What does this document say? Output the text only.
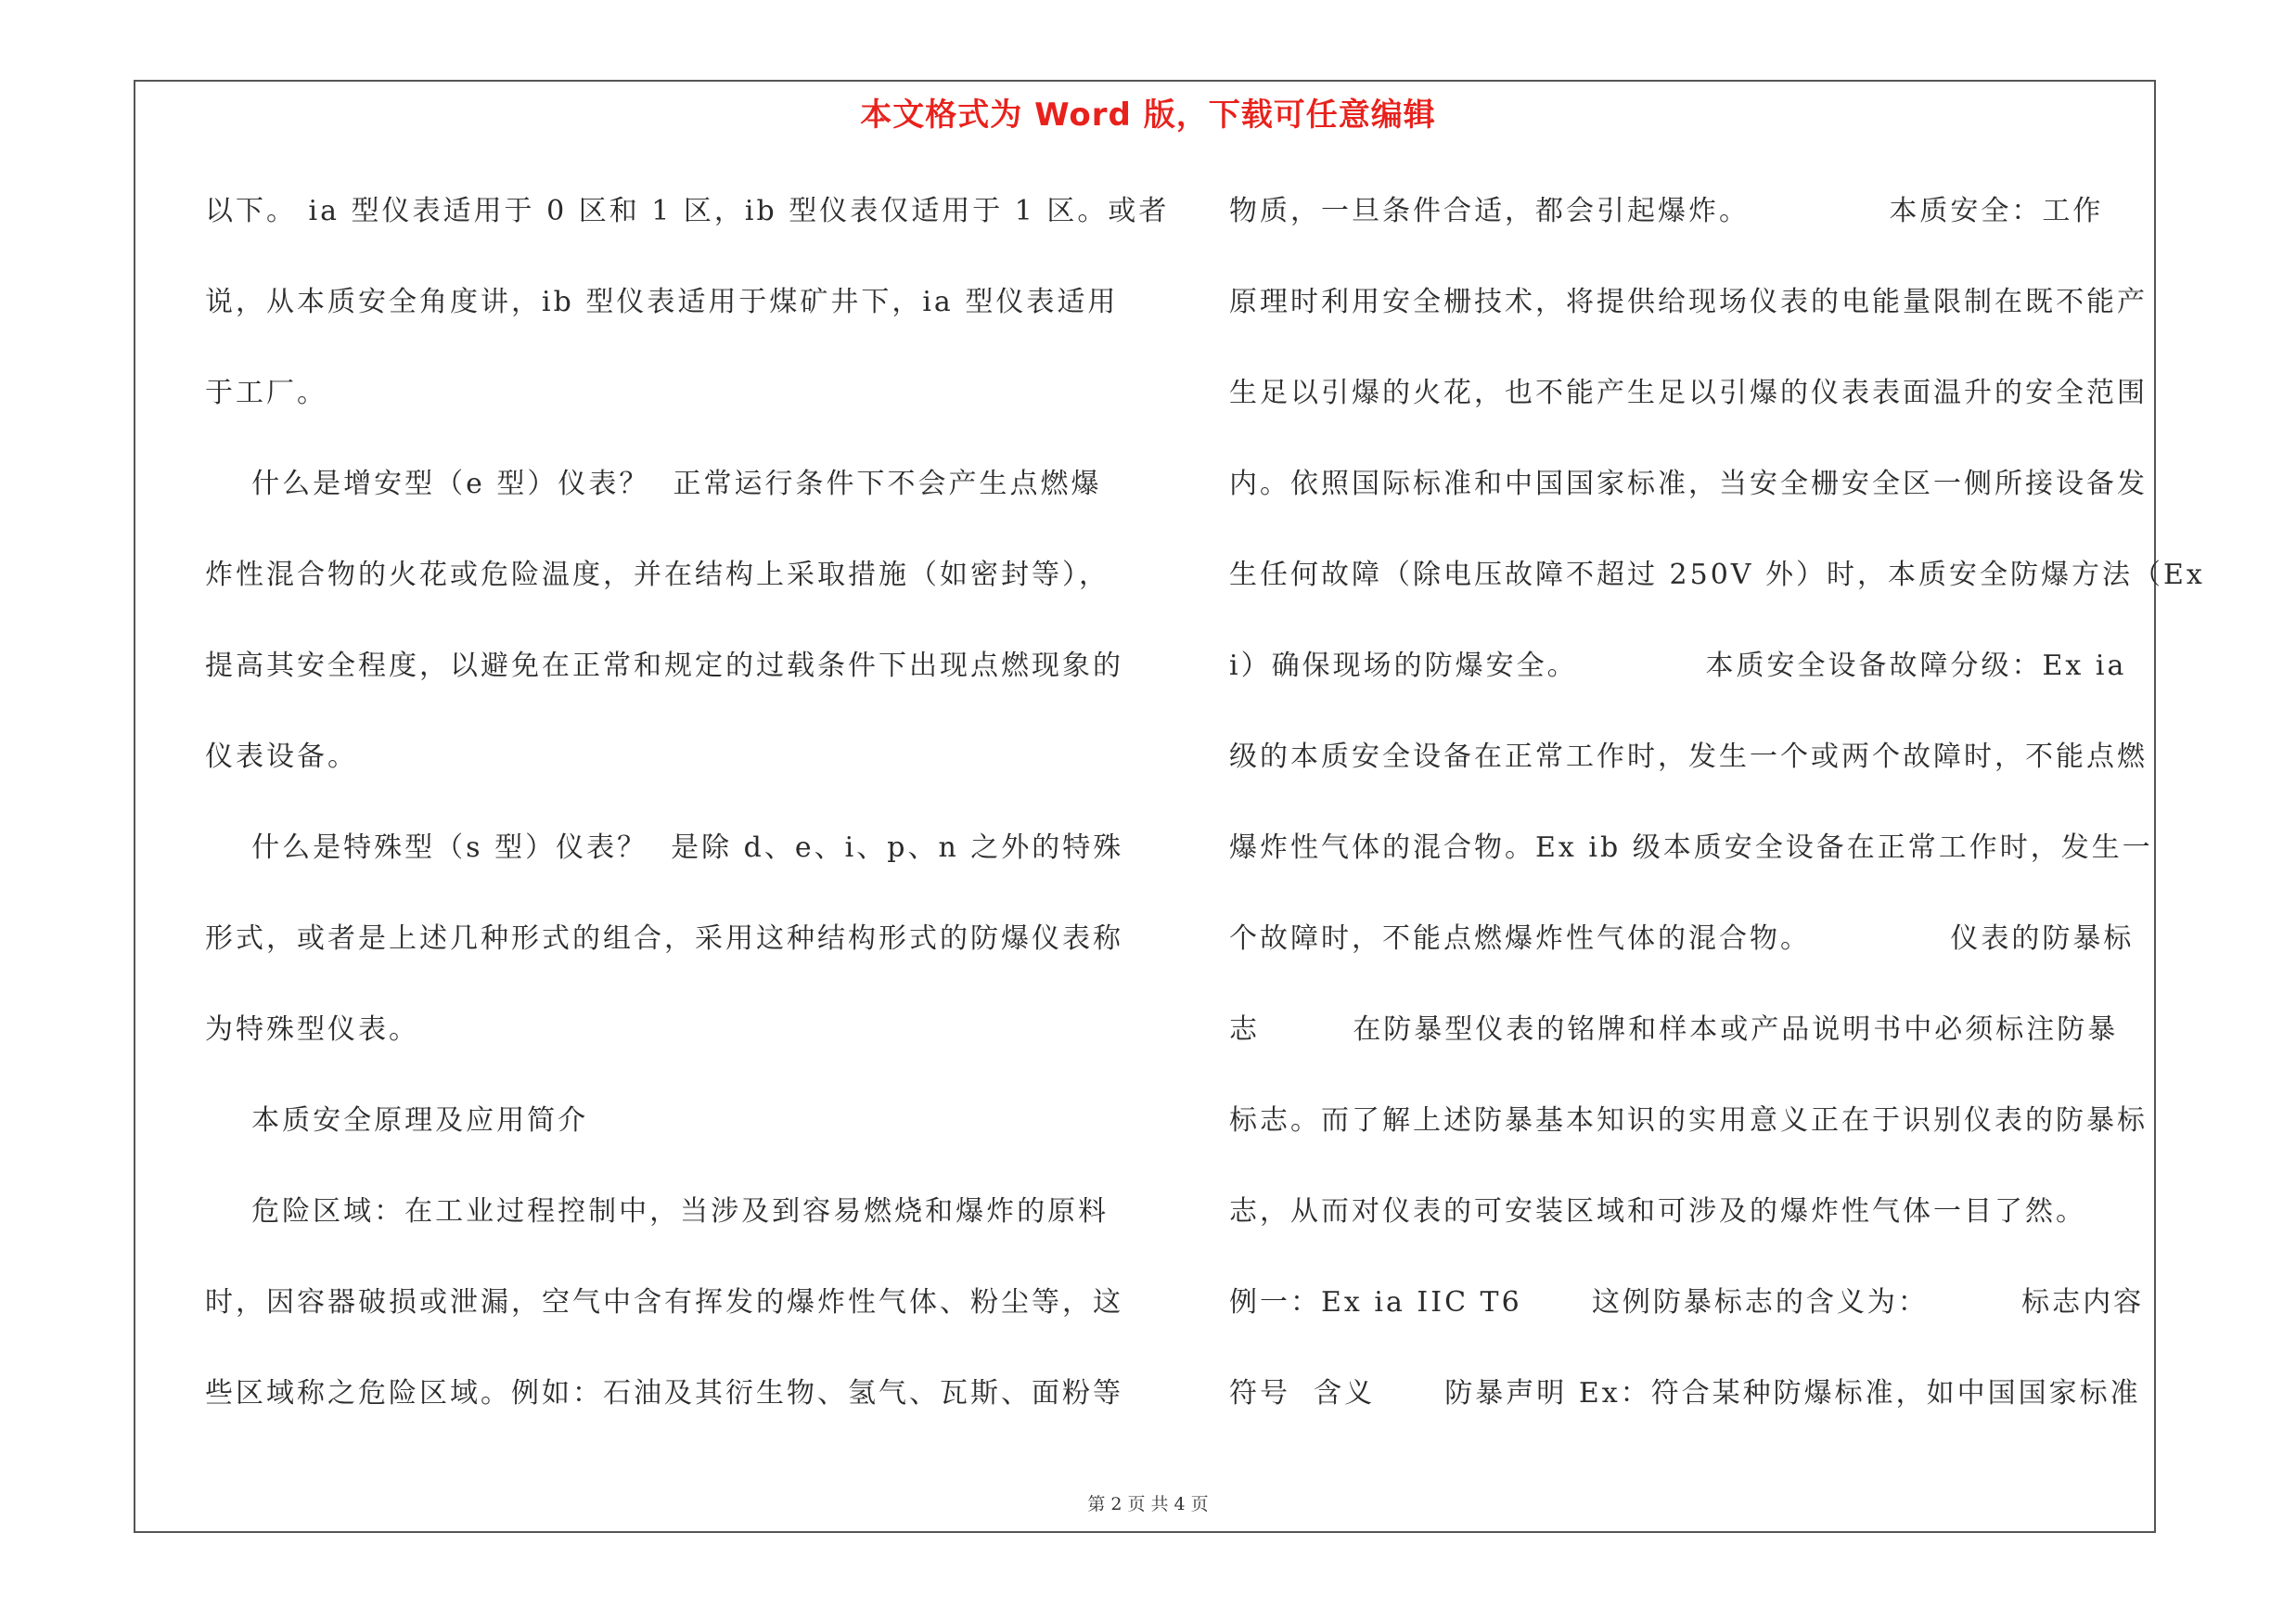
本文格式为 Word 版，下载可任意编辑
以下。 ia 型仪表适用于 0 区和 1 区，ib 型仪表仅适用于 1 区。或者
说，从本质安全角度讲，ib 型仪表适用于煤矿井下，ia 型仪表适用
于工厂。
什么是增安型（e 型）仪表？  正常运行条件下不会产生点燃爆
炸性混合物的火花或危险温度，并在结构上采取措施（如密封等），
提高其安全程度，以避免在正常和规定的过载条件下出现点燃现象的
仪表设备。
什么是特殊型（s 型）仪表？  是除 d、e、i、p、n 之外的特殊
形式，或者是上述几种形式的组合，采用这种结构形式的防爆仪表称
为特殊型仪表。
本质安全原理及应用简介
危险区域：在工业过程控制中，当涉及到容易燃烧和爆炸的原料
时，因容器破损或泄漏，空气中含有挥发的爆炸性气体、粉尘等，这
些区域称之危险区域。例如：石油及其衍生物、氢气、瓦斯、面粉等
物质，一旦条件合适，都会引起爆炸。            本质安全：工作
原理时利用安全栅技术，将提供给现场仪表的电能量限制在既不能产
生足以引爆的火花，也不能产生足以引爆的仪表表面温升的安全范围
内。依照国际标准和中国国家标准，当安全栅安全区一侧所接设备发
生任何故障（除电压故障不超过 250V 外）时，本质安全防爆方法（Ex
i）确保现场的防爆安全。           本质安全设备故障分级：Ex ia
级的本质安全设备在正常工作时，发生一个或两个故障时，不能点燃
爆炸性气体的混合物。Ex ib 级本质安全设备在正常工作时，发生一
个故障时，不能点燃爆炸性气体的混合物。            仪表的防暴标
志        在防暴型仪表的铭牌和样本或产品说明书中必须标注防暴
标志。而了解上述防暴基本知识的实用意义正在于识别仪表的防暴标
志，从而对仪表的可安装区域和可涉及的爆炸性气体一目了然。
例一：Ex ia IIC T6      这例防暴标志的含义为：        标志内容
符号  含义      防暴声明 Ex：符合某种防爆标准，如中国国家标准
第 2 页 共 4 页
